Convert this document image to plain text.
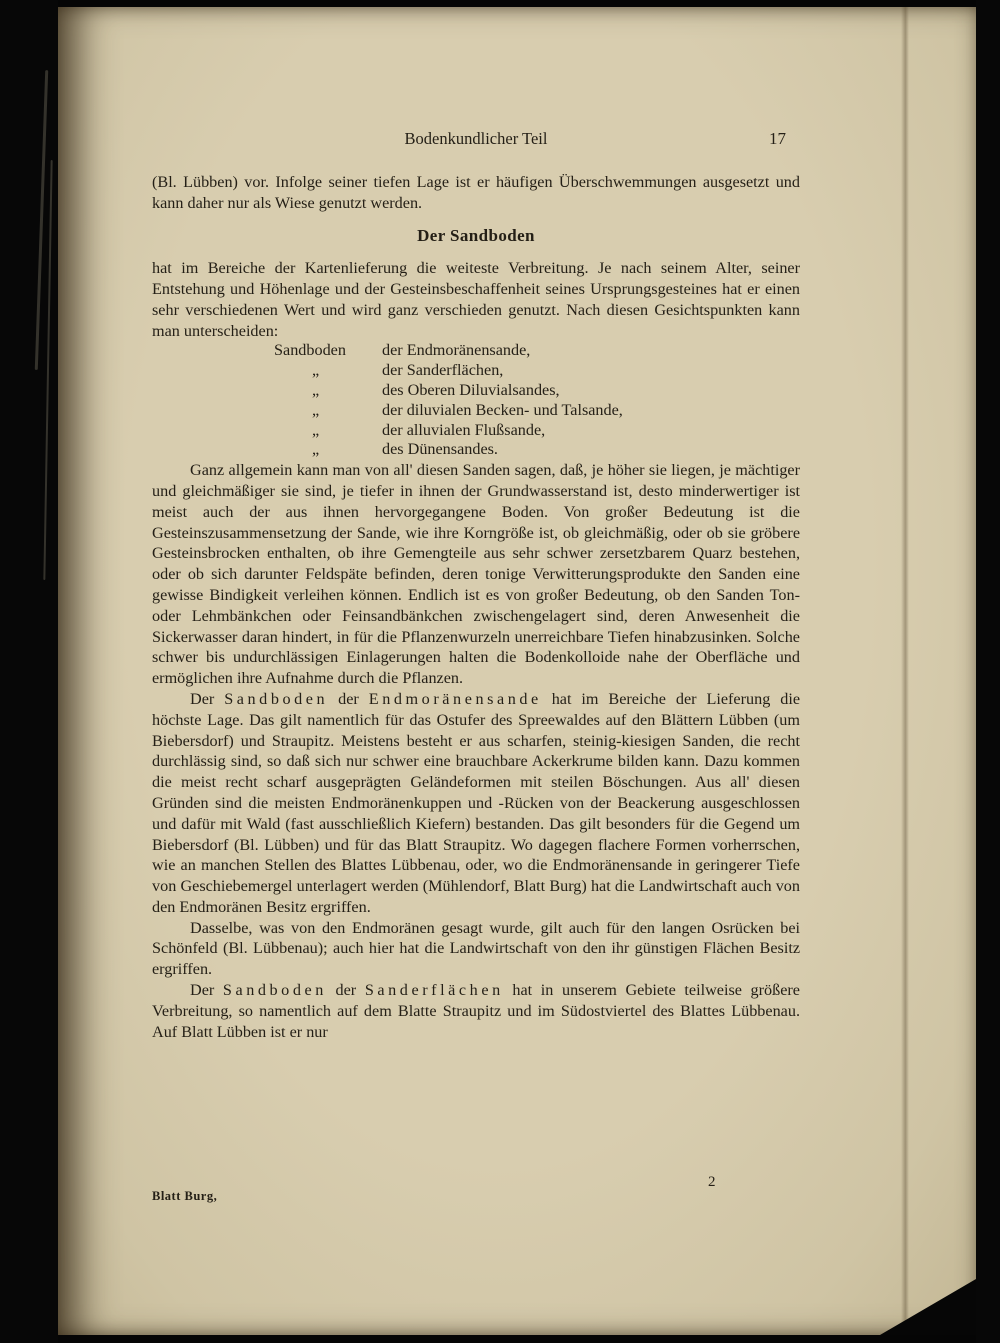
Bodenkundlicher Teil	17

(Bl. Lübben) vor. Infolge seiner tiefen Lage ist er häufigen Überschwemmungen ausgesetzt und kann daher nur als Wiese genutzt werden.

Der Sandboden

hat im Bereiche der Kartenlieferung die weiteste Verbreitung. Je nach seinem Alter, seiner Entstehung und Höhenlage und der Gesteinsbeschaffenheit seines Ursprungsgesteines hat er einen sehr verschiedenen Wert und wird ganz verschieden genutzt. Nach diesen Gesichtspunkten kann man unterscheiden:

Sandboden	der Endmoränensande,
„	der Sanderflächen,
„	des Oberen Diluvialsandes,
„	der diluvialen Becken- und Talsande,
„	der alluvialen Flußsande,
„	des Dünensandes.

Ganz allgemein kann man von all' diesen Sanden sagen, daß, je höher sie liegen, je mächtiger und gleichmäßiger sie sind, je tiefer in ihnen der Grundwasserstand ist, desto minderwertiger ist meist auch der aus ihnen hervorgegangene Boden. Von großer Bedeutung ist die Gesteinszusammensetzung der Sande, wie ihre Korngröße ist, ob gleichmäßig, oder ob sie gröbere Gesteinsbrocken enthalten, ob ihre Gemengteile aus sehr schwer zersetzbarem Quarz bestehen, oder ob sich darunter Feldspäte befinden, deren tonige Verwitterungsprodukte den Sanden eine gewisse Bindigkeit verleihen können. Endlich ist es von großer Bedeutung, ob den Sanden Ton- oder Lehmbänkchen oder Feinsandbänkchen zwischengelagert sind, deren Anwesenheit die Sickerwasser daran hindert, in für die Pflanzenwurzeln unerreichbare Tiefen hinabzusinken. Solche schwer bis undurchlässigen Einlagerungen halten die Bodenkolloide nahe der Oberfläche und ermöglichen ihre Aufnahme durch die Pflanzen.

Der Sandboden der Endmoränensande hat im Bereiche der Lieferung die höchste Lage. Das gilt namentlich für das Ostufer des Spreewaldes auf den Blättern Lübben (um Biebersdorf) und Straupitz. Meistens besteht er aus scharfen, steinig-kiesigen Sanden, die recht durchlässig sind, so daß sich nur schwer eine brauchbare Ackerkrume bilden kann. Dazu kommen die meist recht scharf ausgeprägten Geländeformen mit steilen Böschungen. Aus all' diesen Gründen sind die meisten Endmoränenkuppen und -Rücken von der Beackerung ausgeschlossen und dafür mit Wald (fast ausschließlich Kiefern) bestanden. Das gilt besonders für die Gegend um Biebersdorf (Bl. Lübben) und für das Blatt Straupitz. Wo dagegen flachere Formen vorherrschen, wie an manchen Stellen des Blattes Lübbenau, oder, wo die Endmoränensande in geringerer Tiefe von Geschiebemergel unterlagert werden (Mühlendorf, Blatt Burg) hat die Landwirtschaft auch von den Endmoränen Besitz ergriffen.

Dasselbe, was von den Endmoränen gesagt wurde, gilt auch für den langen Osrücken bei Schönfeld (Bl. Lübbenau); auch hier hat die Landwirtschaft von den ihr günstigen Flächen Besitz ergriffen.

Der Sandboden der Sanderflächen hat in unserem Gebiete teilweise größere Verbreitung, so namentlich auf dem Blatte Straupitz und im Südostviertel des Blattes Lübbenau. Auf Blatt Lübben ist er nur

2
Blatt Burg,
